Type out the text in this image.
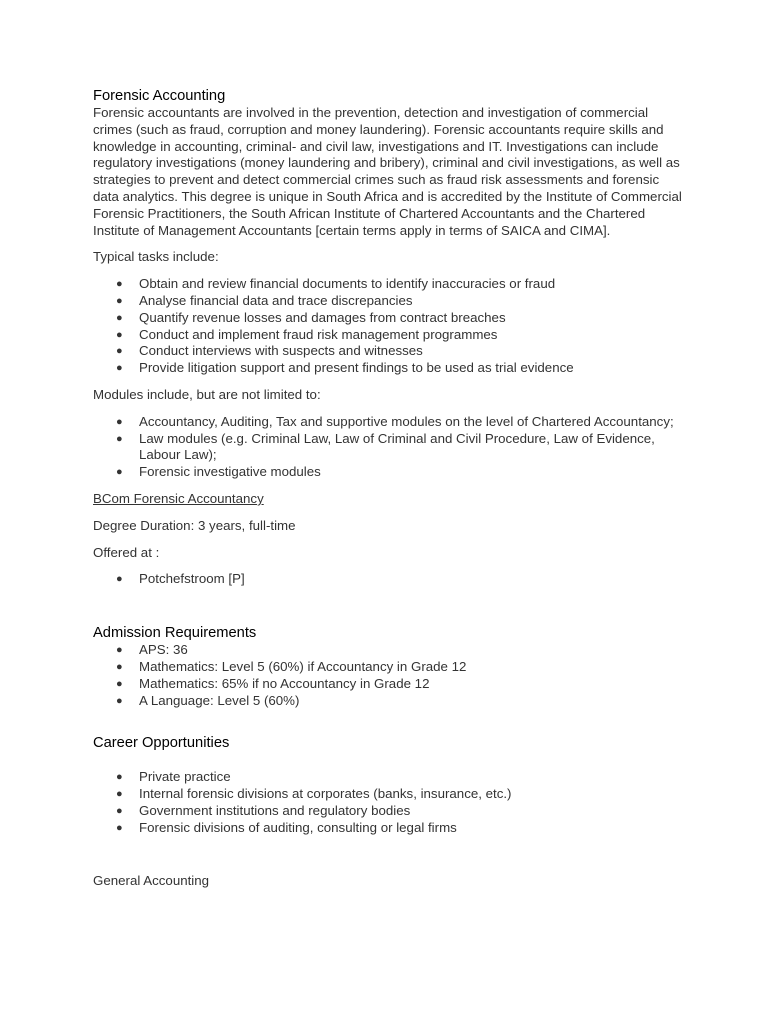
Forensic Accounting

Forensic accountants are involved in the prevention, detection and investigation of commercial crimes (such as fraud, corruption and money laundering). Forensic accountants require skills and knowledge in accounting, criminal- and civil law, investigations and IT. Investigations can include regulatory investigations (money laundering and bribery), criminal and civil investigations, as well as strategies to prevent and detect commercial crimes such as fraud risk assessments and forensic data analytics. This degree is unique in South Africa and is accredited by the Institute of Commercial Forensic Practitioners, the South African Institute of Chartered Accountants and the Chartered Institute of Management Accountants [certain terms apply in terms of SAICA and CIMA].

Typical tasks include:

● Obtain and review financial documents to identify inaccuracies or fraud
● Analyse financial data and trace discrepancies
● Quantify revenue losses and damages from contract breaches
● Conduct and implement fraud risk management programmes
● Conduct interviews with suspects and witnesses
● Provide litigation support and present findings to be used as trial evidence

Modules include, but are not limited to:

● Accountancy, Auditing, Tax and supportive modules on the level of Chartered Accountancy;
● Law modules (e.g. Criminal Law, Law of Criminal and Civil Procedure, Law of Evidence, Labour Law);
● Forensic investigative modules

BCom Forensic Accountancy

Degree Duration: 3 years, full-time

Offered at :

● Potchefstroom [P]
Admission Requirements
● APS: 36
● Mathematics: Level 5 (60%) if Accountancy in Grade 12
● Mathematics: 65% if no Accountancy in Grade 12
● A Language: Level 5 (60%)
Career Opportunities
● Private practice
● Internal forensic divisions at corporates (banks, insurance, etc.)
● Government institutions and regulatory bodies
● Forensic divisions of auditing, consulting or legal firms

General Accounting
